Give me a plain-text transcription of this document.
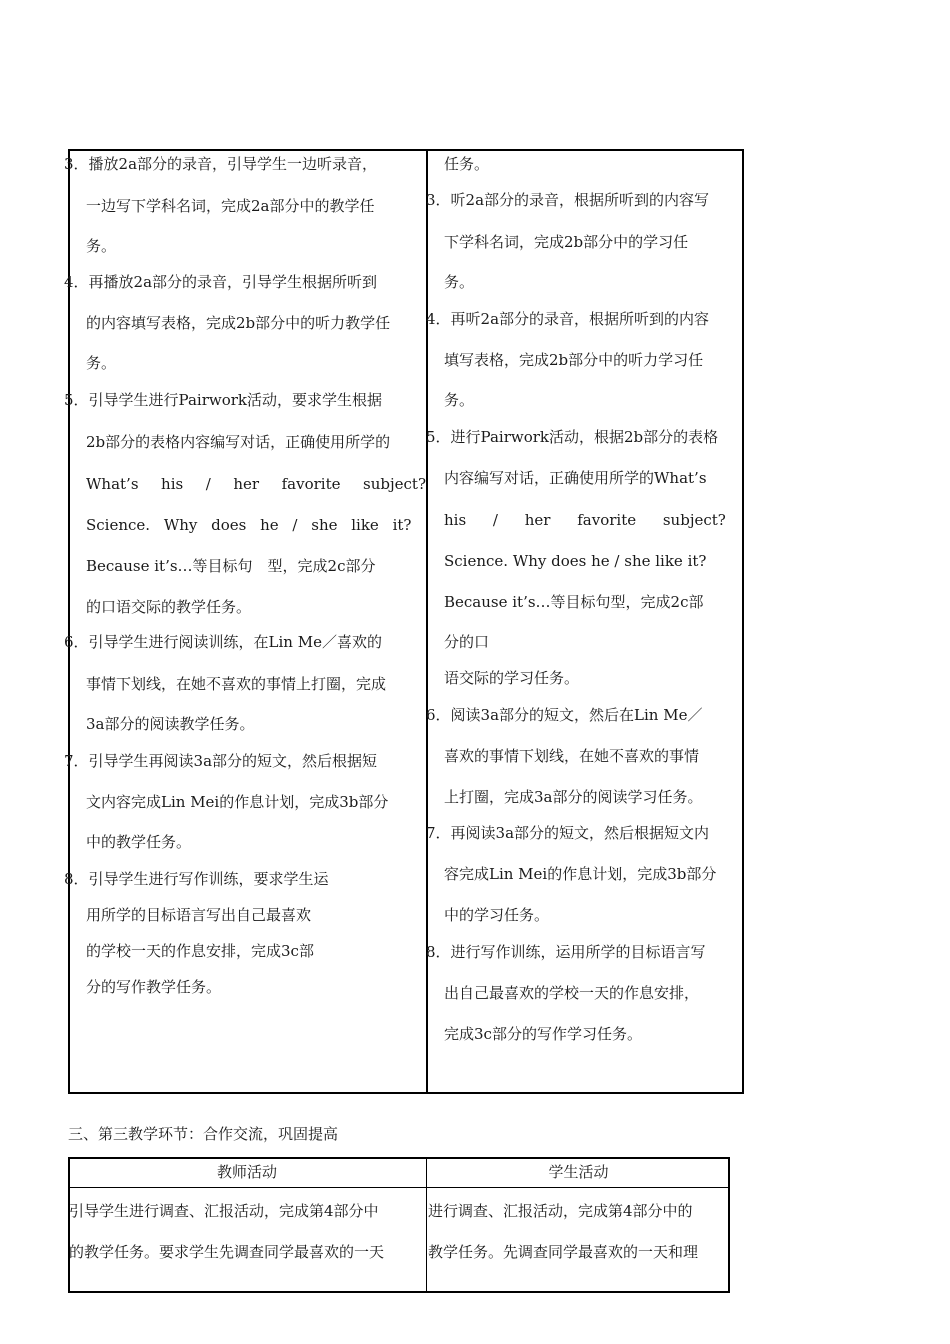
3．播放2a部分的录音，引导学生一边听录音，
一边写下学科名词，完成2a部分中的教学任
务。
4．再播放2a部分的录音，引导学生根据所听到
的内容填写表格，完成2b部分中的听力教学任
务。
5．引导学生进行Pairwork活动，要求学生根据
2b部分的表格内容编写对话，正确使用所学的
What’s his / her favorite subject?
Science. Why does he / she like it?
Because it’s…等目标句　型，完成2c部分
的口语交际的教学任务。
6．引导学生进行阅读训练，在Lin Me／喜欢的
事情下划线，在她不喜欢的事情上打圈，完成
3a部分的阅读教学任务。
7．引导学生再阅读3a部分的短文，然后根据短
文内容完成Lin Mei的作息计划，完成3b部分
中的教学任务。
8．引导学生进行写作训练，要求学生运
用所学的目标语言写出自己最喜欢
的学校一天的作息安排，完成3c部
分的写作教学任务。
任务。
3．听2a部分的录音，根据所听到的内容写
下学科名词，完成2b部分中的学习任
务。
4．再听2a部分的录音，根据所听到的内容
填写表格，完成2b部分中的听力学习任
务。
5．进行Pairwork活动，根据2b部分的表格
内容编写对话，正确使用所学的What’s
his / her favorite subject?
Science. Why does he / she like it?
Because it’s…等目标句型，完成2c部
分的口
语交际的学习任务。
6．阅读3a部分的短文，然后在Lin Me／
喜欢的事情下划线，在她不喜欢的事情
上打圈，完成3a部分的阅读学习任务。
7．再阅读3a部分的短文，然后根据短文内
容完成Lin Mei的作息计划，完成3b部分
中的学习任务。
8．进行写作训练，运用所学的目标语言写
出自己最喜欢的学校一天的作息安排，
完成3c部分的写作学习任务。
三、第三教学环节：合作交流，巩固提高
教师活动	学生活动
引导学生进行调查、汇报活动，完成第4部分中
的教学任务。要求学生先调查同学最喜欢的一天
进行调查、汇报活动，完成第4部分中的
教学任务。先调查同学最喜欢的一天和理
